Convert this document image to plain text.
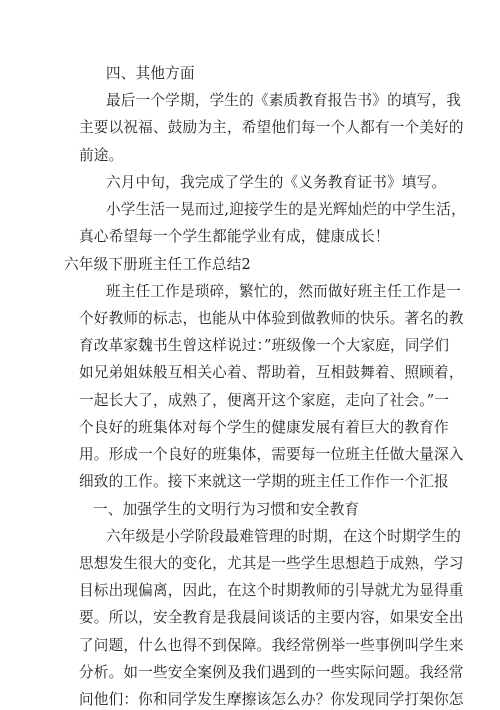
四、其他方面
最后一个学期，学生的《素质教育报告书》的填写，我
主要以祝福、鼓励为主，希望他们每一个人都有一个美好的
前途。
六月中旬，我完成了学生的《义务教育证书》填写。
小学生活一晃而过,迎接学生的是光辉灿烂的中学生活，
真心希望每一个学生都能学业有成，健康成长！
六年级下册班主任工作总结2
班主任工作是琐碎，繁忙的，然而做好班主任工作是一
个好教师的标志，也能从中体验到做教师的快乐。著名的教
育改革家魏书生曾这样说过：”班级像一个大家庭，同学们
如兄弟姐妹般互相关心着、帮助着，互相鼓舞着、照顾着，
一起长大了，成熟了，便离开这个家庭，走向了社会。”一
个良好的班集体对每个学生的健康发展有着巨大的教育作
用。形成一个良好的班集体，需要每一位班主任做大量深入
细致的工作。接下来就这一学期的班主任工作作一个汇报
一、加强学生的文明行为习惯和安全教育
六年级是小学阶段最难管理的时期，在这个时期学生的
思想发生很大的变化，尤其是一些学生思想趋于成熟，学习
目标出现偏离，因此，在这个时期教师的引导就尤为显得重
要。所以，安全教育是我晨间谈话的主要内容，如果安全出
了问题，什么也得不到保障。我经常例举一些事例叫学生来
分析。如一些安全案例及我们遇到的一些实际问题。我经常
问他们：你和同学发生摩擦该怎么办？你发现同学打架你怎
